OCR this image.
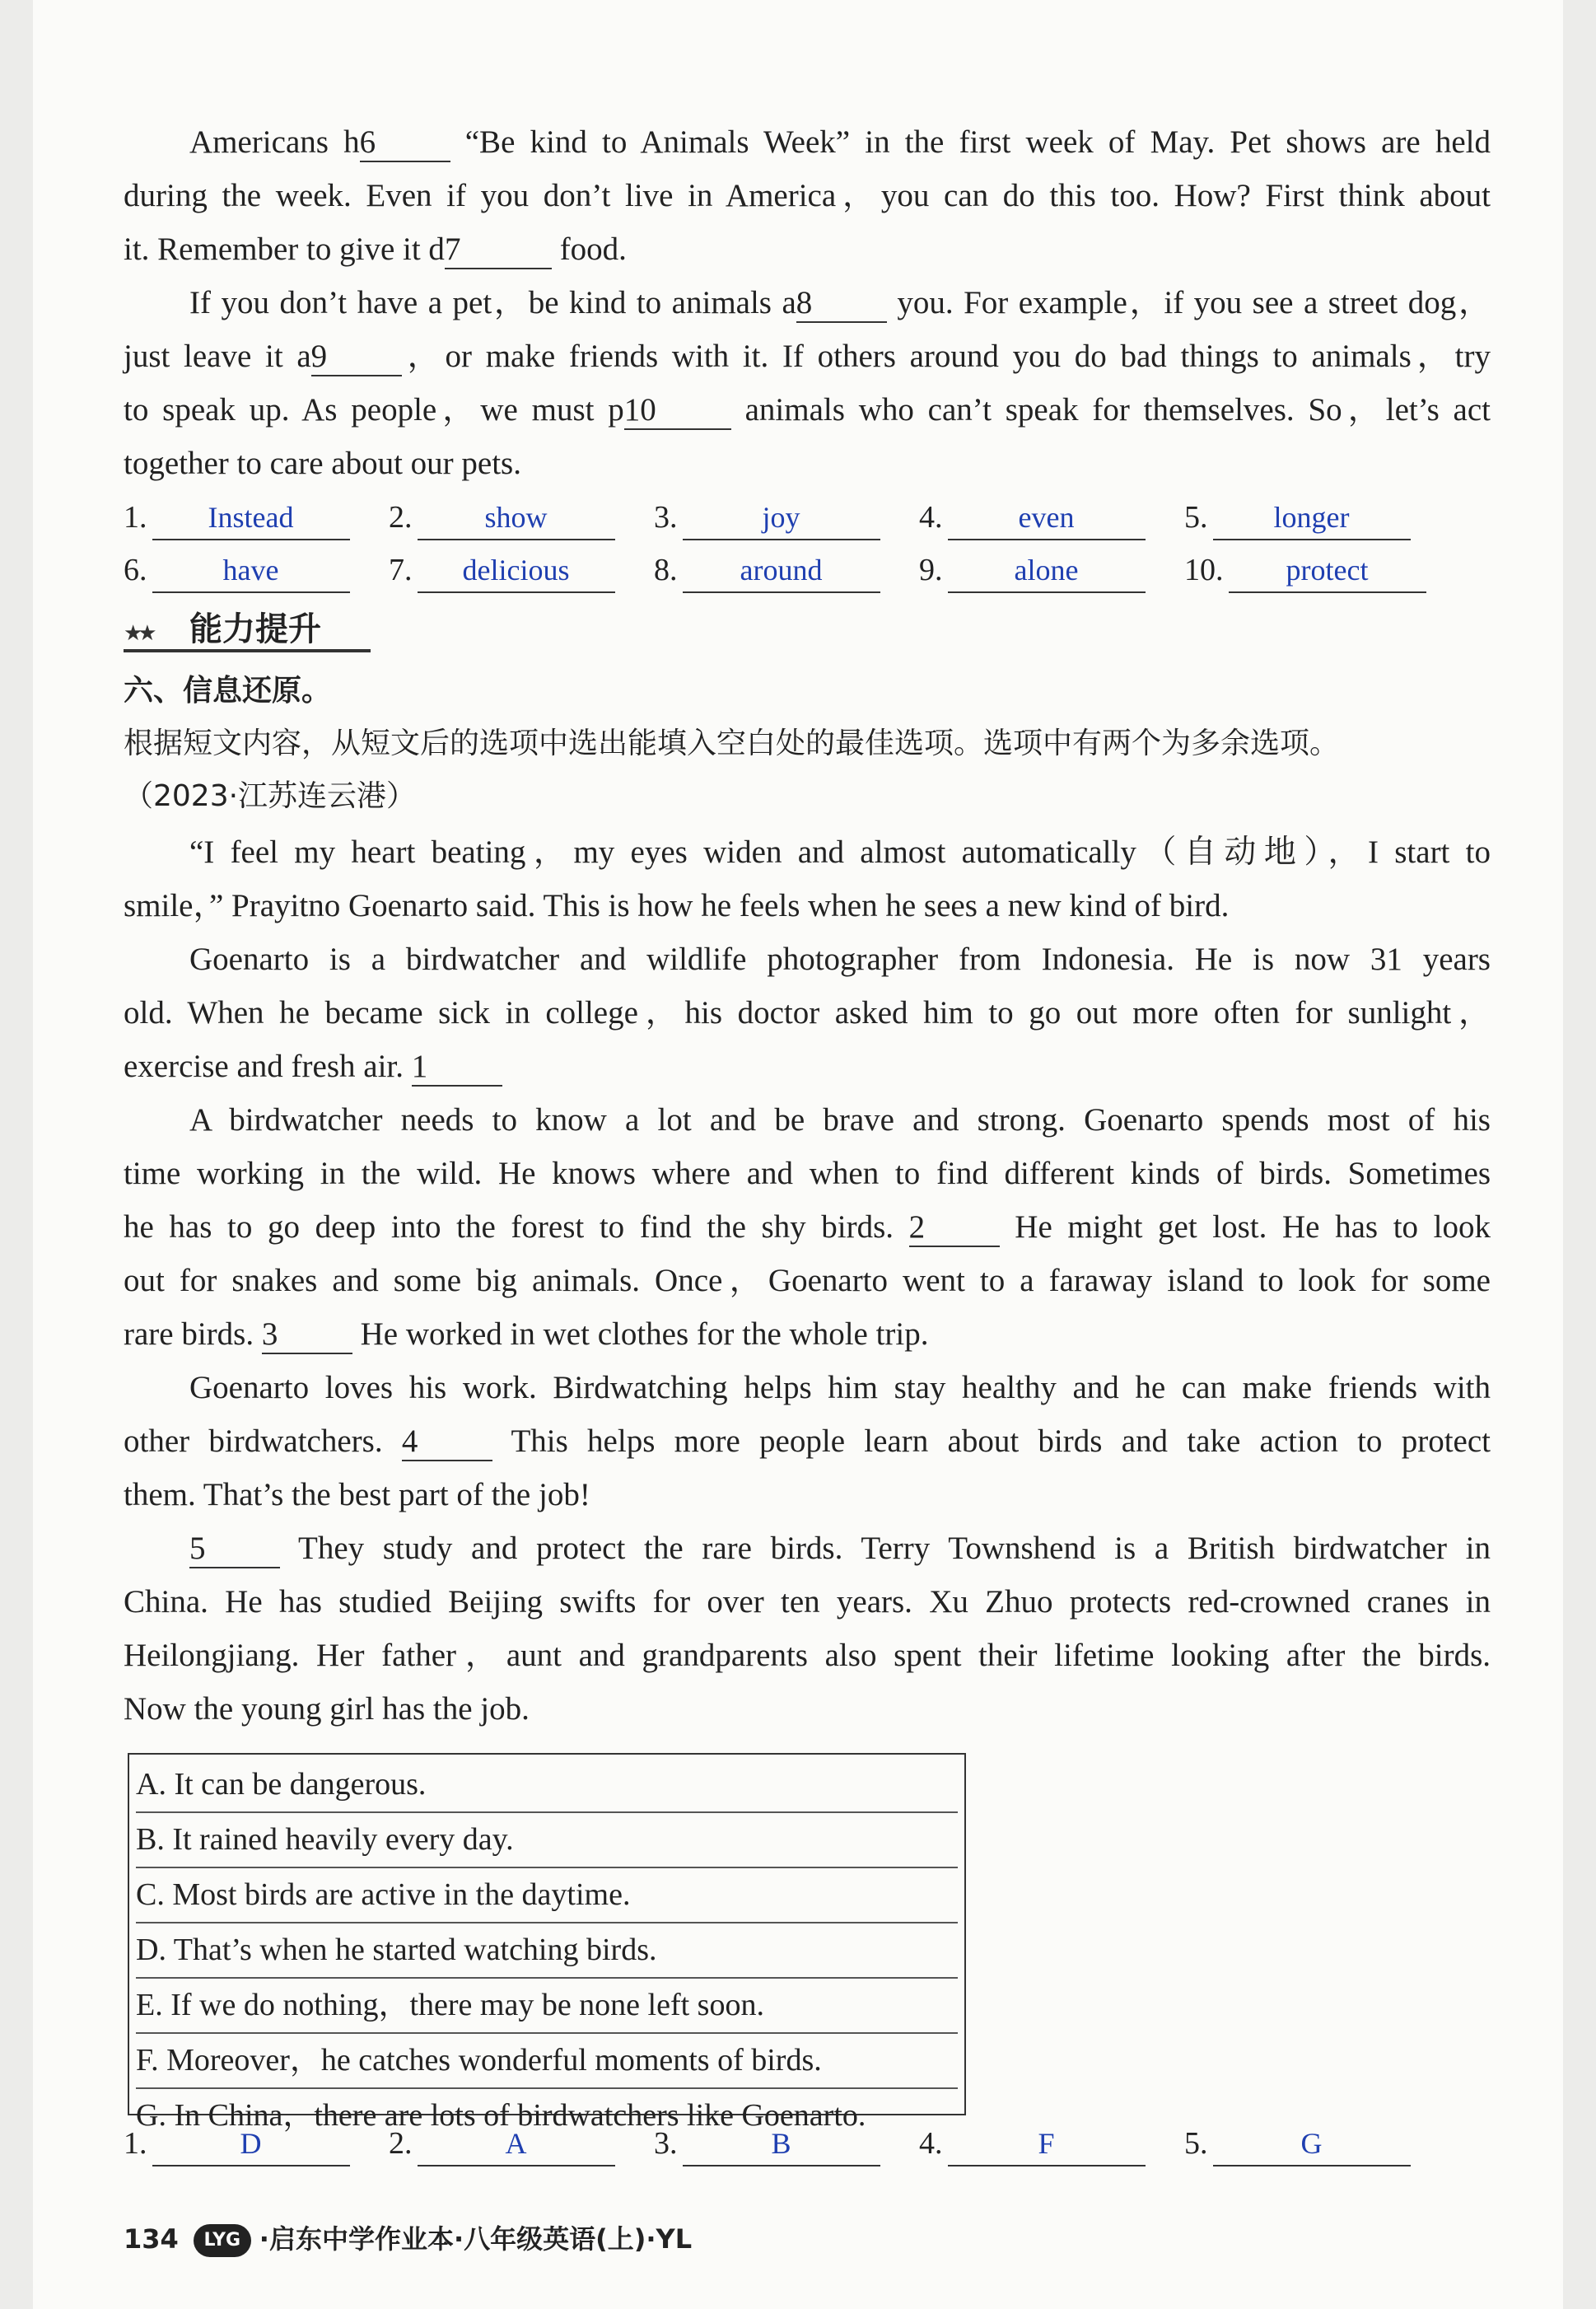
Americans h6	“Be kind to Animals Week” in the first week of May. Pet shows are held
during the week. Even if you don’t live in America，you can do this too. How? First think about
it. Remember to give it d7	food.
If you don’t have a pet，be kind to animals a8	you. For example，if you see a street dog，
just leave it a9 ，or make friends with it. If others around you do bad things to animals，try
to speak up. As people，we must p10	animals who can’t speak for themselves. So，let’s act
together to care about our pets.
1. Instead	2. show	3.	joy	4.	even	5. longer
6.	have	7. delicious	8. around	9. alone	10. protect
★★ 能力提升
六、信息还原。
根据短文内容，从短文后的选项中选出能填入空白处的最佳选项。选项中有两个为多余选项。
（2023·江苏连云港）
“I feel my heart beating，my eyes widen and almost automatically（自动地），I start to
smile，” Prayitno Goenarto said. This is how he feels when he sees a new kind of bird.
Goenarto is a birdwatcher and wildlife photographer from Indonesia. He is now 31 years
old. When he became sick in college，his doctor asked him to go out more often for sunlight，
exercise and fresh air. 1
A birdwatcher needs to know a lot and be brave and strong. Goenarto spends most of his
time working in the wild. He knows where and when to find different kinds of birds. Sometimes
he has to go deep into the forest to find the shy birds. 2	He might get lost. He has to look
out for snakes and some big animals. Once，Goenarto went to a faraway island to look for some
rare birds. 3	He worked in wet clothes for the whole trip.
Goenarto loves his work. Birdwatching helps him stay healthy and he can make friends with
other birdwatchers. 4	This helps more people learn about birds and take action to protect
them. That’s the best part of the job!
5	They study and protect the rare birds. Terry Townshend is a British birdwatcher in
China. He has studied Beijing swifts for over ten years. Xu Zhuo protects red-crowned cranes in
Heilongjiang. Her father，aunt and grandparents also spent their lifetime looking after the birds.
Now the young girl has the job.
A. It can be dangerous.
B. It rained heavily every day.
C. Most birds are active in the daytime.
D. That’s when he started watching birds.
E. If we do nothing，there may be none left soon.
F. Moreover，he catches wonderful moments of birds.
G. In China，there are lots of birdwatchers like Goenarto.
1.	D	2.	A	3.	B	4.	F	5.	G
134 LYG ·启东中学作业本·八年级英语(上)·YL
